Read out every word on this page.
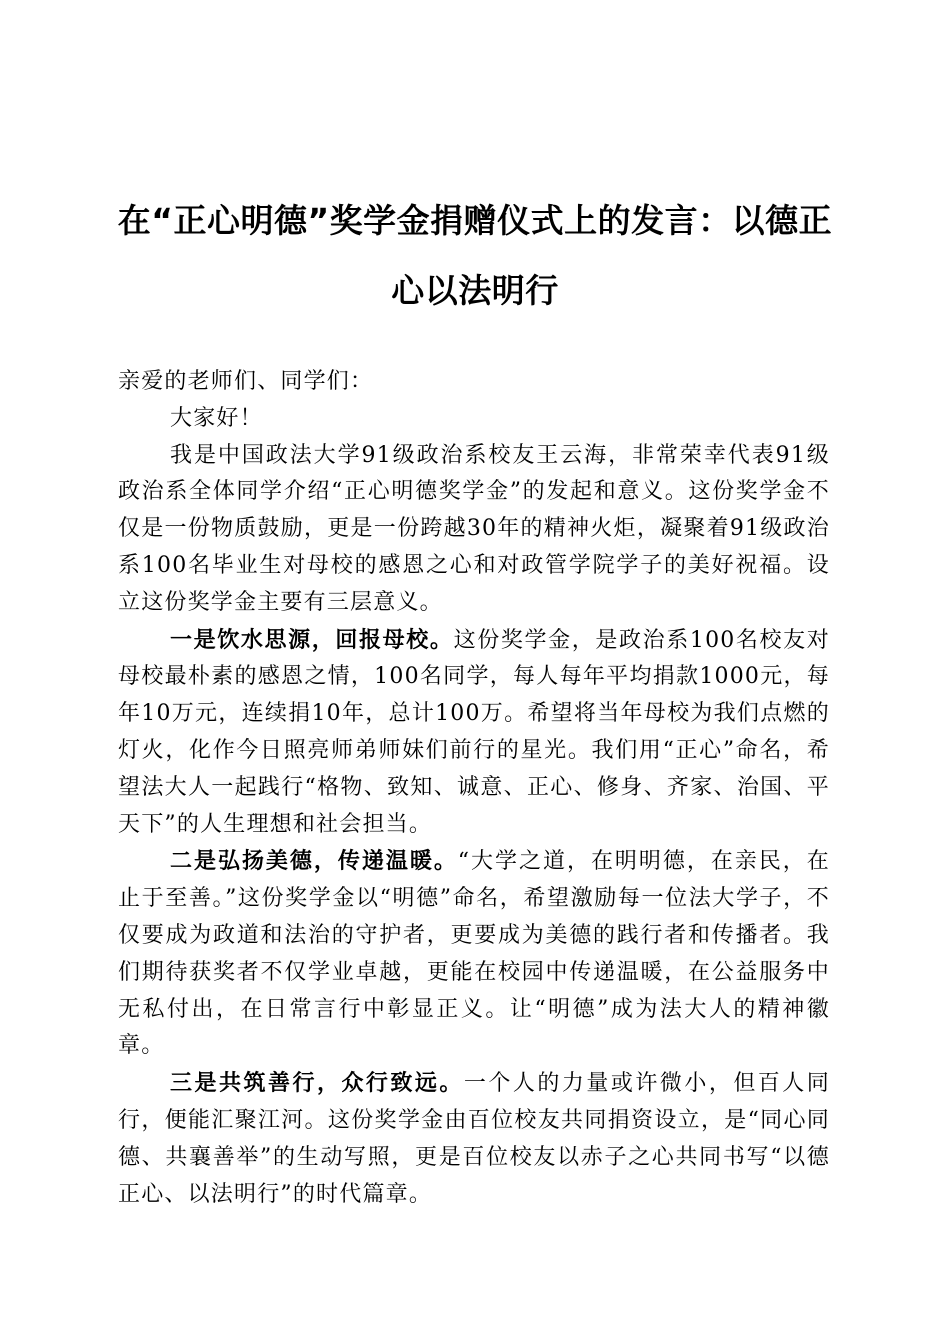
在“正心明德”奖学金捐赠仪式上的发言：以德正心以法明行

亲爱的老师们、同学们：

大家好！

我是中国政法大学91级政治系校友王云海，非常荣幸代表91级政治系全体同学介绍“正心明德奖学金”的发起和意义。这份奖学金不仅是一份物质鼓励，更是一份跨越30年的精神火炬，凝聚着91级政治系100名毕业生对母校的感恩之心和对政管学院学子的美好祝福。设立这份奖学金主要有三层意义。

一是饮水思源，回报母校。这份奖学金，是政治系100名校友对母校最朴素的感恩之情，100名同学，每人每年平均捐款1000元，每年10万元，连续捐10年，总计100万。希望将当年母校为我们点燃的灯火，化作今日照亮师弟师妹们前行的星光。我们用“正心”命名，希望法大人一起践行“格物、致知、诚意、正心、修身、齐家、治国、平天下”的人生理想和社会担当。

二是弘扬美德，传递温暖。“大学之道，在明明德，在亲民，在止于至善。”这份奖学金以“明德”命名，希望激励每一位法大学子，不仅要成为政道和法治的守护者，更要成为美德的践行者和传播者。我们期待获奖者不仅学业卓越，更能在校园中传递温暖，在公益服务中无私付出，在日常言行中彰显正义。让“明德”成为法大人的精神徽章。

三是共筑善行，众行致远。一个人的力量或许微小，但百人同行，便能汇聚江河。这份奖学金由百位校友共同捐资设立，是“同心同德、共襄善举”的生动写照，更是百位校友以赤子之心共同书写“以德正心、以法明行”的时代篇章。
